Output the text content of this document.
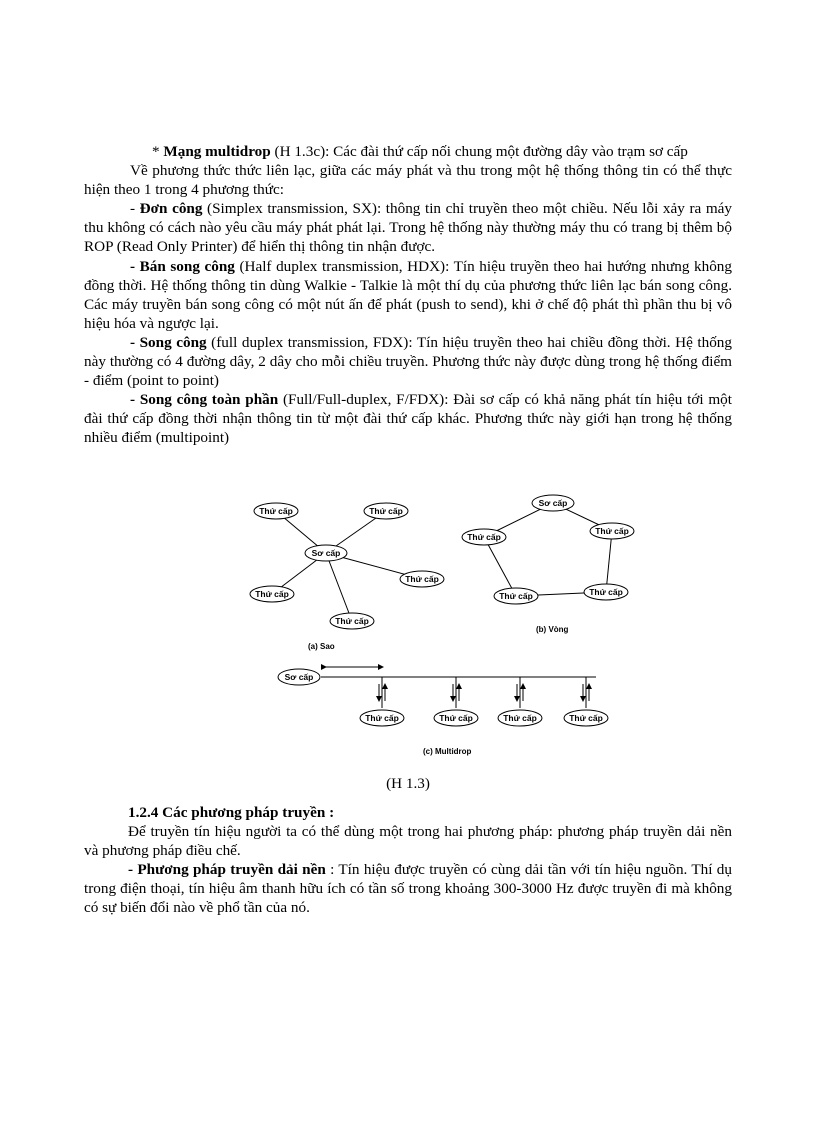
* Mạng multidrop (H 1.3c): Các đài thứ cấp nối chung một đường dây vào trạm sơ cấp

Về phương thức thức liên lạc, giữa các máy phát và thu trong một hệ thống thông tin có thể thực hiện theo 1 trong 4 phương thức:

- Đơn công (Simplex transmission, SX): thông tin chỉ truyền theo một chiều. Nếu lỗi xảy ra máy thu không có cách nào yêu cầu máy phát phát lại. Trong hệ thống này thường máy thu có trang bị thêm bộ ROP (Read Only Printer) để hiển thị thông tin nhận được.

- Bán song công (Half duplex transmission, HDX): Tín hiệu truyền theo hai hướng nhưng không đồng thời. Hệ thống thông tin dùng Walkie - Talkie là một thí dụ của phương thức liên lạc bán song công. Các máy truyền bán song công có một nút ấn để phát (push to send), khi ở chế độ phát thì phần thu bị vô hiệu hóa và ngược lại.

- Song công (full duplex transmission, FDX): Tín hiệu truyền theo hai chiều đồng thời. Hệ thống này thường có 4 đường dây, 2 dây cho mỗi chiều truyền. Phương thức này được dùng trong hệ thống điểm - điểm (point to point)

- Song công toàn phần (Full/Full-duplex, F/FDX): Đài sơ cấp có khả năng phát tín hiệu tới một đài thứ cấp đồng thời nhận thông tin từ một đài thứ cấp khác. Phương thức này giới hạn trong hệ thống nhiều điểm (multipoint)

Sơ cấp
Thứ cấp	Thứ cấp
Thứ cấp
Thứ cấp
Thứ cấp
(a) Sao
Sơ cấp
Thứ cấp
Thứ cấp
Thứ cấp
Thứ cấp
(b) Vòng
Sơ cấp
Thứ cấp	Thứ cấp	Thứ cấp	Thứ cấp
(c) Multidrop
(H 1.3)

1.2.4 Các phương pháp truyền :

Để truyền tín hiệu người ta có thể dùng một trong hai phương pháp: phương pháp truyền dải nền và phương pháp điều chế.

- Phương pháp truyền dải nền : Tín hiệu được truyền có cùng dải tần với tín hiệu nguồn. Thí dụ trong điện thoại, tín hiệu âm thanh hữu ích có tần số trong khoảng 300-3000 Hz được truyền đi mà không có sự biến đổi nào về phổ tần của nó.
